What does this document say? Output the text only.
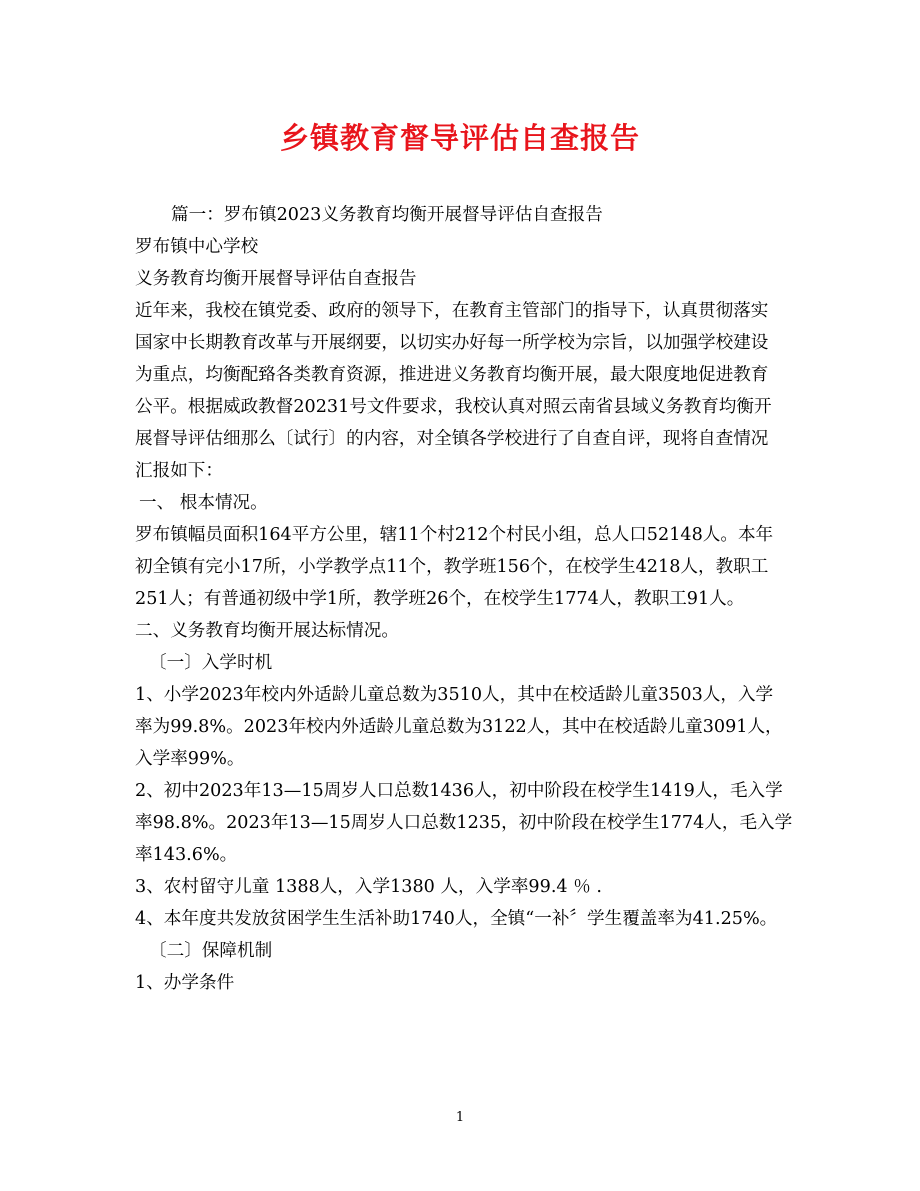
乡镇教育督导评估自查报告
篇一：罗布镇2023义务教育均衡开展督导评估自查报告
罗布镇中心学校
义务教育均衡开展督导评估自查报告
近年来，我校在镇党委、政府的领导下，在教育主管部门的指导下，认真贯彻落实
国家中长期教育改革与开展纲要，以切实办好每一所学校为宗旨，以加强学校建设
为重点，均衡配臵各类教育资源，推进进义务教育均衡开展，最大限度地促进教育
公平。根据威政教督20231号文件要求，我校认真对照云南省县域义务教育均衡开
展督导评估细那么〔试行〕的内容，对全镇各学校进行了自查自评，现将自查情况
汇报如下：
一、 根本情况。
罗布镇幅员面积164平方公里，辖11个村212个村民小组，总人口52148人。本年
初全镇有完小17所，小学教学点11个，教学班156个，在校学生4218人，教职工
251人；有普通初级中学1所，教学班26个，在校学生1774人，教职工91人。
二、义务教育均衡开展达标情况。
〔一〕入学时机
1、小学2023年校内外适龄儿童总数为3510人，其中在校适龄儿童3503人，入学
率为99.8%。2023年校内外适龄儿童总数为3122人，其中在校适龄儿童3091人，
入学率99%。
2、初中2023年13—15周岁人口总数1436人，初中阶段在校学生1419人，毛入学
率98.8%。2023年13—15周岁人口总数1235，初中阶段在校学生1774人，毛入学
率143.6%。
3、农村留守儿童 1388人，入学1380 人，入学率99.4 ％ .
4、本年度共发放贫困学生生活补助1740人，全镇“一补〞学生覆盖率为41.25%。
〔二〕保障机制
1、办学条件
1
